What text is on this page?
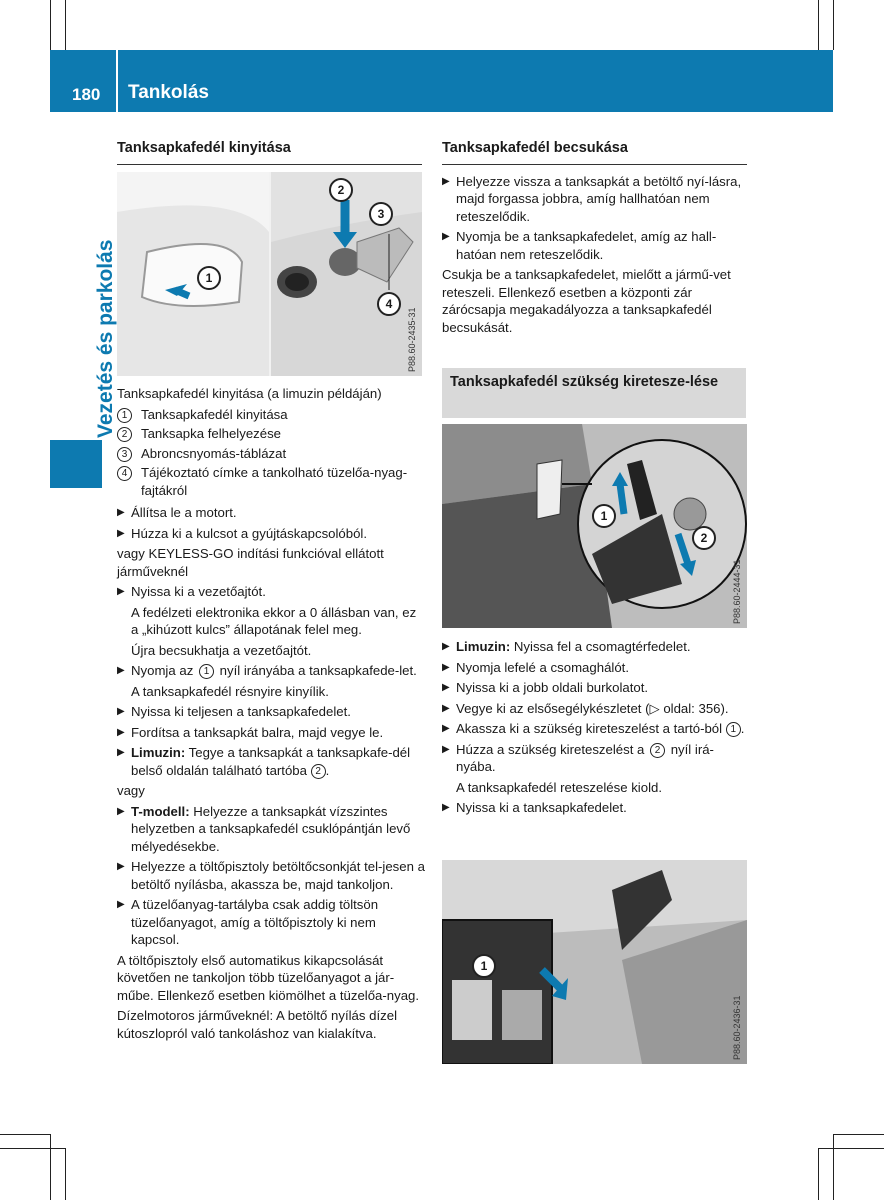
180 Tankolás
Vezetés és parkolás
Tanksapkafedél kinyitása
1
2
3
4
P88.60-2435-31

Tanksapkafedél kinyitása (a limuzin példáján)

1	Tanksapkafedél kinyitása
2	Tanksapka felhelyezése
3	Abroncsnyomás-táblázat
4	Tájékoztató címke a tankolható tüzelőa-nyag-fajtákról
▶ Állítsa le a motort.
▶ Húzza ki a kulcsot a gyújtáskapcsolóból.

vagy KEYLESS-GO indítási funkcióval ellátott járműveknél

▶ Nyissa ki a vezetőajtót.

A fedélzeti elektronika ekkor a 0 állásban van, ez a „kihúzott kulcs” állapotának felel meg.

Újra becsukhatja a vezetőajtót.

▶ Nyomja az 1 nyíl irányába a tanksapkafede-let.

A tanksapkafedél résnyire kinyílik.

▶ Nyissa ki teljesen a tanksapkafedelet.
▶ Fordítsa a tanksapkát balra, majd vegye le.
▶ Limuzin: Tegye a tanksapkát a tanksapkafe-dél belső oldalán található tartóba 2 .

vagy

▶ T-modell: Helyezze a tanksapkát vízszintes helyzetben a tanksapkafedél csuklópántján levő mélyedésekbe.
▶ Helyezze a töltőpisztoly betöltőcsonkját tel-jesen a betöltő nyílásba, akassza be, majd tankoljon.
▶ A tüzelőanyag-tartályba csak addig töltsön tüzelőanyagot, amíg a töltőpisztoly ki nem kapcsol.

A töltőpisztoly első automatikus kikapcsolását követően ne tankoljon több tüzelőanyagot a jár-műbe. Ellenkező esetben kiömölhet a tüzelőa-nyag.

Dízelmotoros járműveknél: A betöltő nyílás dízel kútoszlopról való tankoláshoz van kialakítva.

Tanksapkafedél becsukása
▶ Helyezze vissza a tanksapkát a betöltő nyí-lásra, majd forgassa jobbra, amíg hallhatóan nem reteszelődik.
▶ Nyomja be a tanksapkafedelet, amíg az hall-hatóan nem reteszelődik.

Csukja be a tanksapkafedelet, mielőtt a jármű-vet reteszeli. Ellenkező esetben a központi zár zárócsapja megakadályozza a tanksapkafedél becsukását.

Tanksapkafedél szükség kiretesze-lése
1
2
P88.60-2444-31
▶ Limuzin: Nyissa fel a csomagtérfedelet.
▶ Nyomja lefelé a csomaghálót.
▶ Nyissa ki a jobb oldali burkolatot.
▶ Vegye ki az elsősegélykészletet (▷ oldal: 356).
▶ Akassza ki a szükség kireteszelést a tartó-ból 1 .
▶ Húzza a szükség kireteszelést a 2 nyíl irá-nyába.

A tanksapkafedél reteszelése kiold.

▶ Nyissa ki a tanksapkafedelet.
1
P88.60-2436-31
